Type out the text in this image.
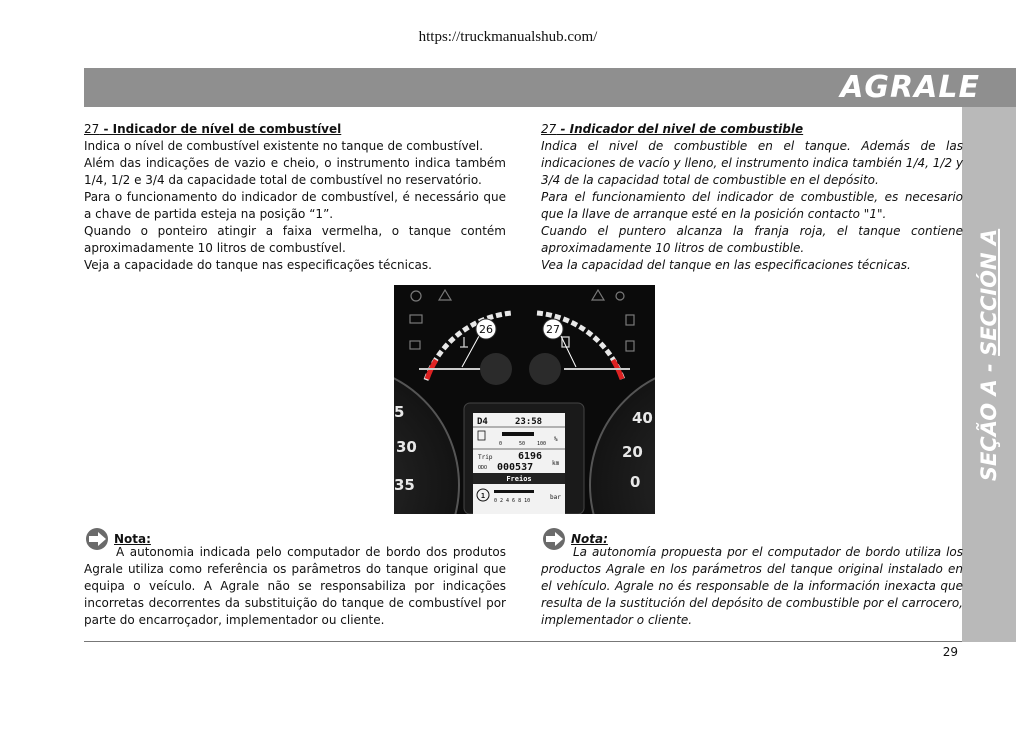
https://truckmanualshub.com/
AGRALE
SEÇÃO A - SECCIÓN A

27 - Indicador de nível de combustível

Indica o nível de combustível existente no tanque de combustível.

Além das indicações de vazio e cheio, o instrumento indica também 1/4, 1/2 e 3/4 da capacidade total de combustível no reservatório.

Para o funcionamento do indicador de combustível, é necessário que a chave de partida esteja na posição “1”.

Quando o ponteiro atingir a faixa vermelha, o tanque contém aproximadamente 10 litros de combustível.

Veja a capacidade do tanque nas especificações técnicas.

27 - Indicador del nivel de combustible

Indica el nivel de combustible en el tanque. Además de las indicaciones de vacío y lleno, el instrumento indica también 1/4, 1/2 y 3/4 de la capacidad total de combustible en el depósito.

Para el funcionamiento del indicador de combustible, es necesario que la llave de arranque esté en la posición contacto "1".

Cuando el puntero alcanza la franja roja, el tanque contiene aproximadamente 10 litros de combustible.

Vea la capacidad del tanque en las especificaciones técnicas.

26	27
5
30
35
40
20
0
D4	23:58
0	50 100
%
Trip	6196
ODO 000537	km
Freios
1
0 2 4 6 8 10	bar
Nota:

A autonomia indicada pelo computador de bordo dos produtos Agrale utiliza como referência os parâmetros do tanque original que equipa o veículo. A Agrale não se responsabiliza por indicações incorretas decorrentes da substituição do tanque de combustível por parte do encarroçador, implementador ou cliente.

Nota:

La autonomía propuesta por el computador de bordo utiliza los productos Agrale en los parámetros del tanque original instalado en el vehículo. Agrale no és responsable de la información inexacta que resulta de la sustitución del depósito de combustible por el carrocero, implementador o cliente.

29
